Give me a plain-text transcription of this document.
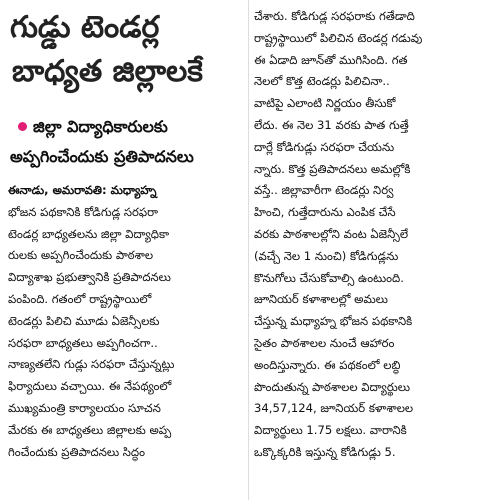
గుడ్డు టెండర్ల
బాధ్యత జిల్లాలకే
జిల్లా విద్యాధికారులకు
అప్పగించేందుకు ప్రతిపాదనలు
ఈనాడు, అమరావతి: మధ్యాహ్న
భోజన పథకానికి కోడిగుడ్ల సరఫరా
టెండర్ల బాధ్యతలను జిల్లా విద్యాధికా
రులకు అప్పగించేందుకు పాఠశాల
విద్యాశాఖ ప్రభుత్వానికి ప్రతిపాదనలు
పంపింది. గతంలో రాష్ట్రస్థాయిలో
టెండర్లు పిలిచి మూడు ఏజెన్సీలకు
సరఫరా బాధ్యతలు అప్పగించగా..
నాణ్యతలేని గుడ్లు సరఫరా చేస్తున్నట్లు
ఫిర్యాదులు వచ్చాయి. ఈ నేపథ్యంలో
ముఖ్యమంత్రి కార్యాలయం సూచన
మేరకు ఈ బాధ్యతలు జిల్లాలకు అప్ప
గించేందుకు ప్రతిపాదనలు సిద్ధం
చేశారు. కోడిగుడ్ల సరఫరాకు గతేడాది
రాష్ట్రస్థాయిలో పిలిచిన టెండర్ల గడువు
ఈ ఏడాది జూన్‌తో ముగిసింది. గత
నెలలో కొత్త టెండర్లు పిలిచినా..
వాటిపై ఎలాంటి నిర్ణయం తీసుకో
లేదు. ఈ నెల 31 వరకు పాత గుత్తే
దార్లే కోడిగుడ్లు సరఫరా చేయను
న్నారు. కొత్త ప్రతిపాదనలు అమల్లోకి
వస్తే.. జిల్లావారీగా టెండర్లు నిర్వ
హించి, గుత్తేదారును ఎంపిక చేసే
వరకు పాఠశాలల్లోని వంట ఏజెన్సీలే
(వచ్చే నెల 1 నుంచి) కోడిగుడ్లను
కొనుగోలు చేసుకోవాల్సి ఉంటుంది.
జూనియర్ కళాశాలల్లో అమలు
చేస్తున్న మధ్యాహ్న భోజన పథకానికి
సైతం పాఠశాలల నుంచే ఆహారం
అందిస్తున్నారు. ఈ పథకంలో లబ్ధి
పొందుతున్న పాఠశాలల విద్యార్థులు
34,57,124, జూనియర్ కళాశాలల
విద్యార్థులు 1.75 లక్షలు. వారానికి
ఒక్కొక్కరికి ఇస్తున్న కోడిగుడ్లు 5.
